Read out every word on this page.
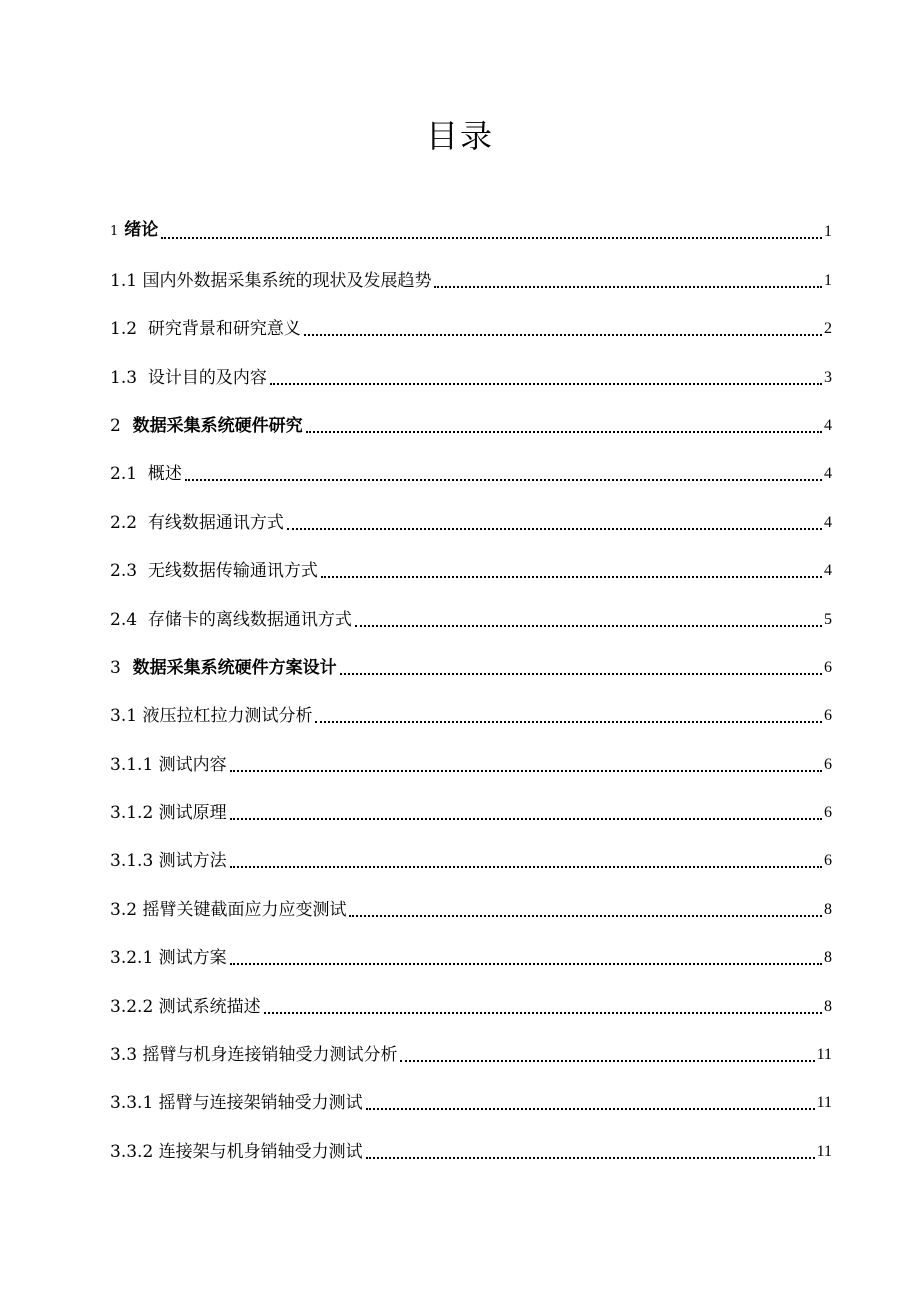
目录
1 绪论	1
1.1 国内外数据采集系统的现状及发展趋势	1
1.2 研究背景和研究意义	2
1.3 设计目的及内容	3
2 数据采集系统硬件研究	4
2.1 概述	4
2.2 有线数据通讯方式	4
2.3 无线数据传输通讯方式	4
2.4 存储卡的离线数据通讯方式	5
3 数据采集系统硬件方案设计	6
3.1 液压拉杠拉力测试分析	6
3.1.1 测试内容	6
3.1.2 测试原理	6
3.1.3 测试方法	6
3.2 摇臂关键截面应力应变测试	8
3.2.1 测试方案	8
3.2.2 测试系统描述	8
3.3 摇臂与机身连接销轴受力测试分析	11
3.3.1 摇臂与连接架销轴受力测试	11
3.3.2 连接架与机身销轴受力测试	11
